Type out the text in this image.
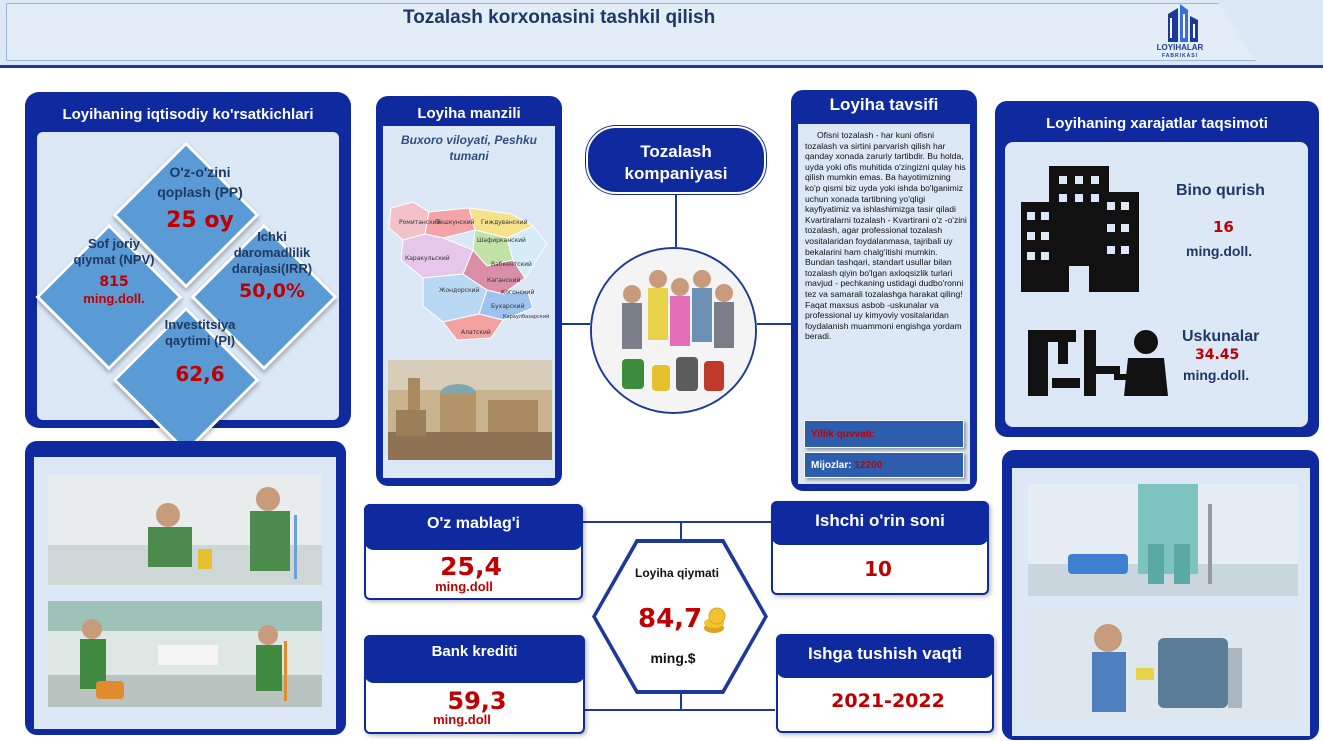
Tozalash korxonasini tashkil qilish
LOYIHALAR
FABRIKASI
Loyihaning iqtisodiy ko'rsatkichlari
O'z-o'zini qoplash (PP)
25 oy
Sof joriy qiymat (NPV)
815
ming.doll.
Ichki daromadlilik darajasi(IRR)
50,0%
Investitsiya qaytimi (PI)
62,6
Loyiha manzili
Buxoro viloyati, Peshku tumani
Ромитанский
Пешкунский Гиждуванский
Шафирканский
Каракульский
Жондорский
Вабкентский
Каганский
Бухарский
Караулбазарский
Алатский
Когонский
Tozalash
kompaniyasi
Loyiha tavsifi
Ofisni tozalash - har kuni ofisni tozalash va sirtini parvarish qilish har qanday xonada zaruriy tartibdir. Bu holda, uyda yoki ofis muhitida o'zingizni qulay his qilish mumkin emas. Ba hayotimizning ko'p qismi biz uyda yoki ishda bo'lganimiz uchun xonada tartibning yo'qligi kayfiyatimiz va ishlashimizga tasir qiladi Kvartiralarni tozalash - Kvartirani o'z -o'zini tozalash, agar professional tozalash vositalaridan foydalanmasa, tajribali uy bekalarini ham chalg'itishi mumkin. Bundan tashqari, standart usullar bilan tozalash qiyin bo'lgan axloqsizlik turlari mavjud - pechkaning ustidagi dudbo'ronni tez va samarali tozalashga harakat qiling! Faqat maxsus asbob -uskunalar va professional uy kimyoviy vositalaridan foydalanish muammoni engishga yordam beradi.
Yillik quvvati:
Mijozlar: 12200
Loyihaning xarajatlar taqsimoti
Bino qurish
16
ming.doll.
Uskunalar
34.45
ming.doll.
O'z mablag'i
25,4
ming.doll
Bank krediti
59,3
ming.doll
Loyiha qiymati
84,7
ming.$
Ishchi o'rin soni
10
Ishga tushish vaqti
2021-2022
